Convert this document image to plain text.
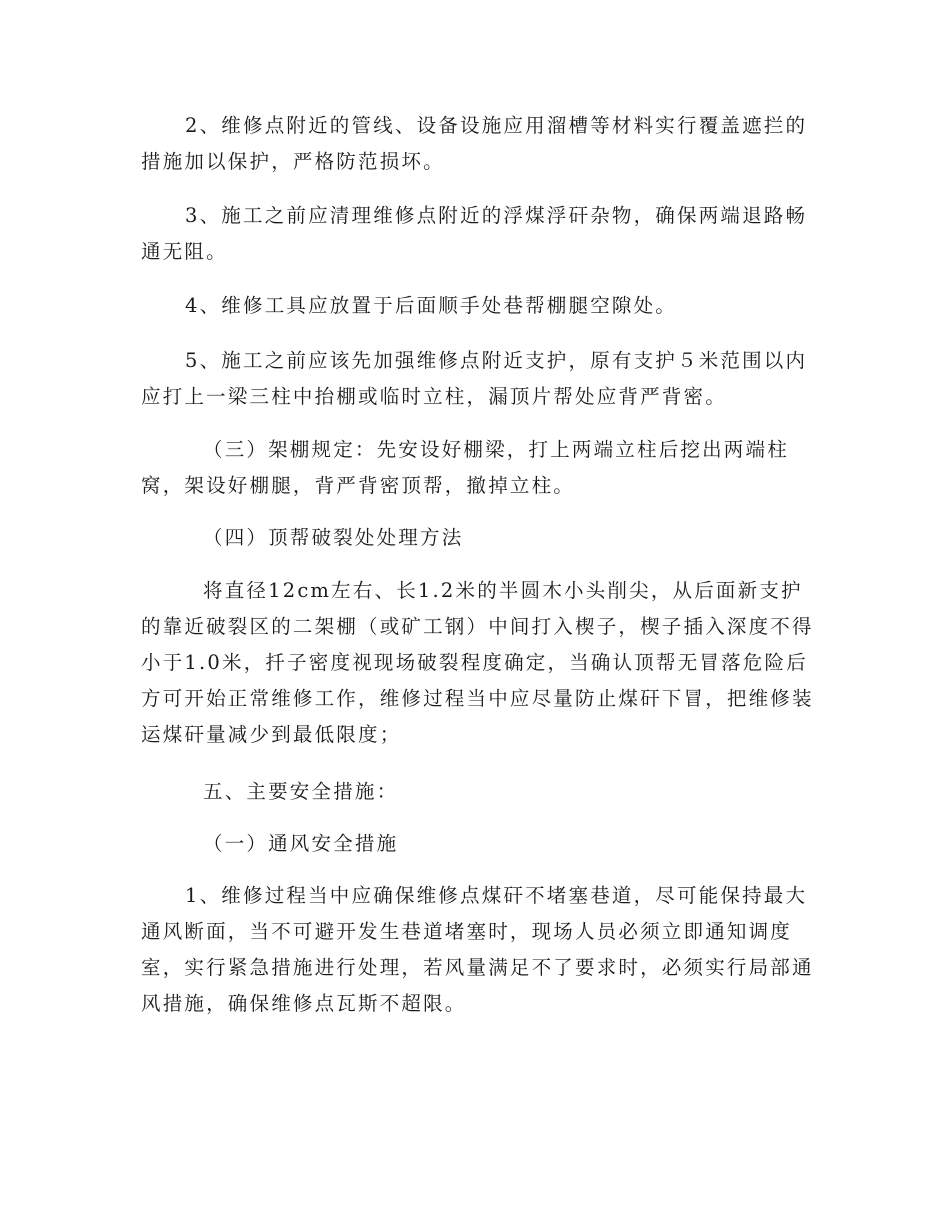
2、维修点附近的管线、设备设施应用溜槽等材料实行覆盖遮拦的措施加以保护，严格防范损坏。

3、施工之前应清理维修点附近的浮煤浮矸杂物，确保两端退路畅通无阻。

4、维修工具应放置于后面顺手处巷帮棚腿空隙处。

5、施工之前应该先加强维修点附近支护，原有支护５米范围以内应打上一梁三柱中抬棚或临时立柱，漏顶片帮处应背严背密。

（三）架棚规定：先安设好棚梁，打上两端立柱后挖出两端柱窝，架设好棚腿，背严背密顶帮，撤掉立柱。

（四）顶帮破裂处处理方法

将直径12cm左右、长1.2米的半圆木小头削尖，从后面新支护的靠近破裂区的二架棚（或矿工钢）中间打入楔子，楔子插入深度不得小于1.0米，扦子密度视现场破裂程度确定，当确认顶帮无冒落危险后方可开始正常维修工作，维修过程当中应尽量防止煤矸下冒，把维修装运煤矸量减少到最低限度；

五、主要安全措施：

（一）通风安全措施

1、维修过程当中应确保维修点煤矸不堵塞巷道，尽可能保持最大通风断面，当不可避开发生巷道堵塞时，现场人员必须立即通知调度室，实行紧急措施进行处理，若风量满足不了要求时，必须实行局部通风措施，确保维修点瓦斯不超限。
